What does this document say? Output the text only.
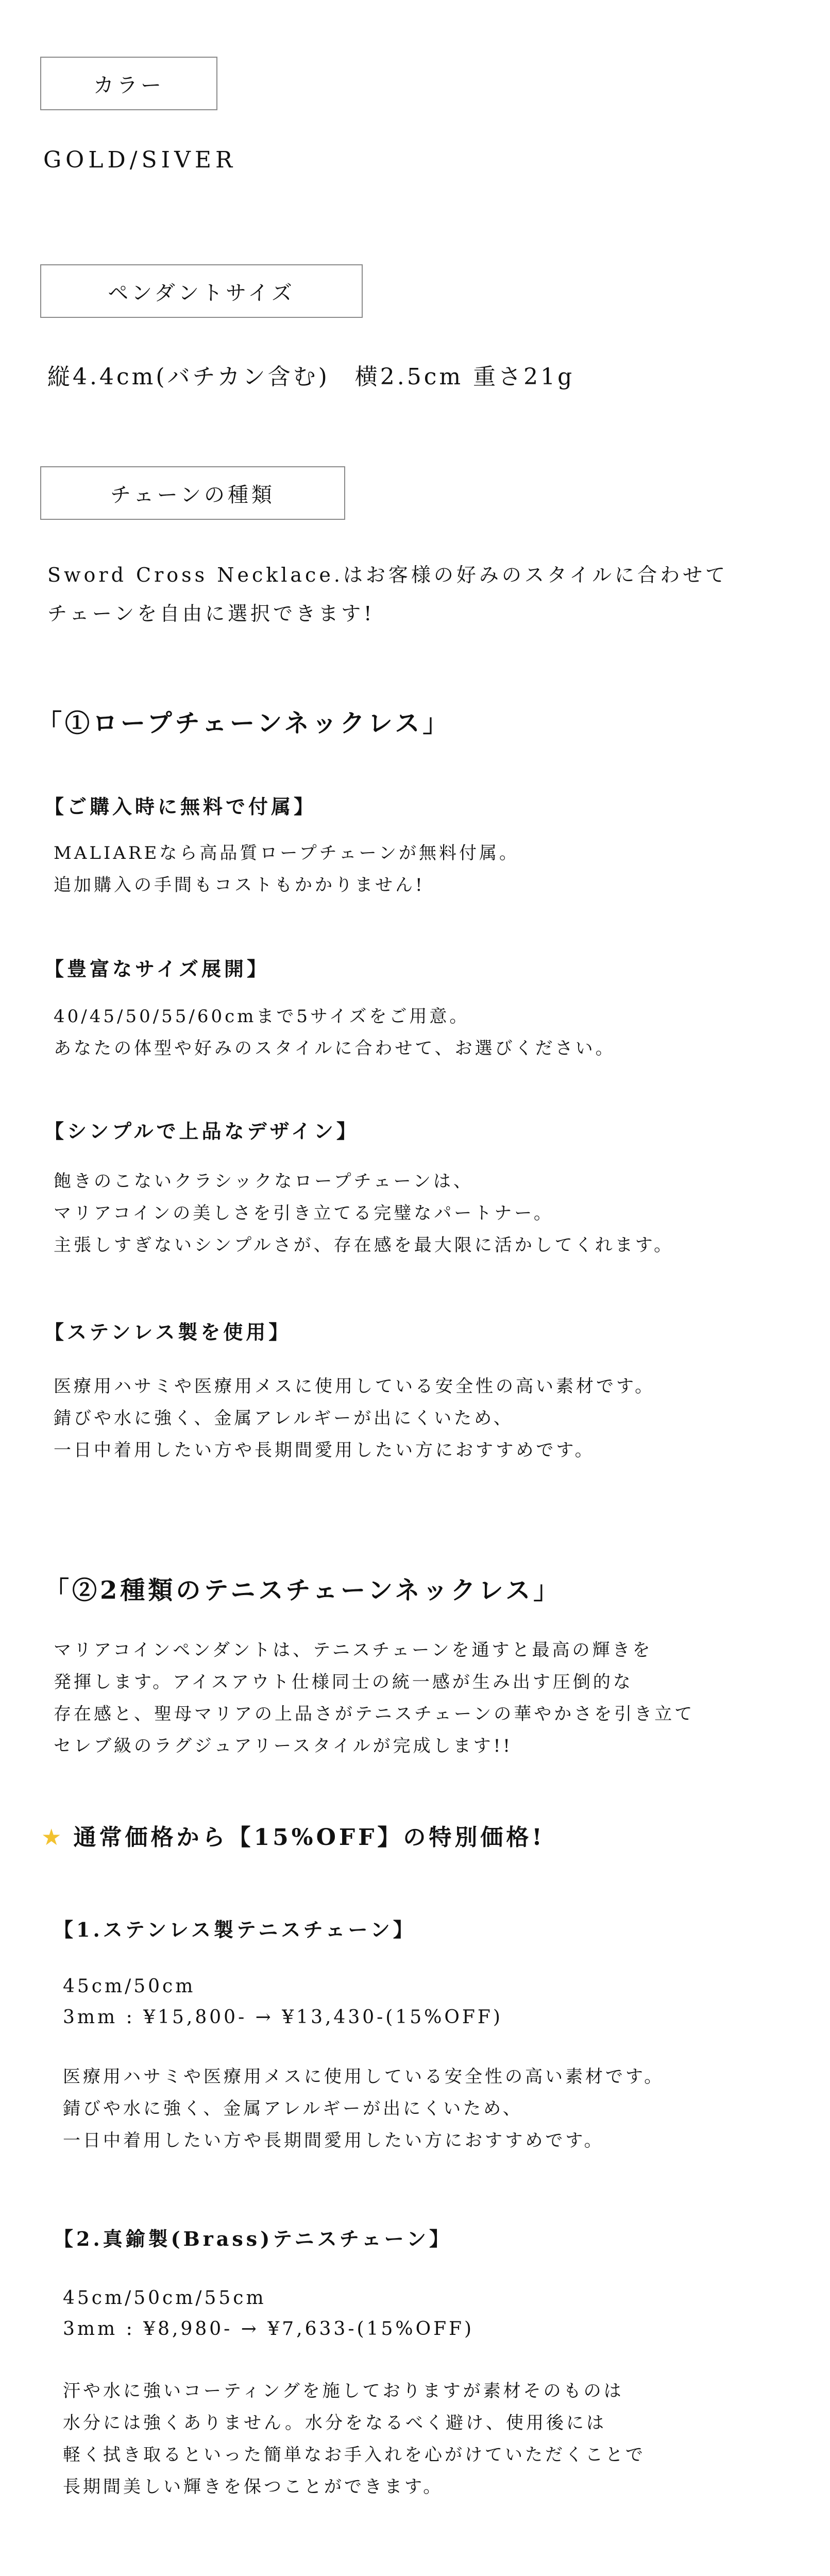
カラー
GOLD/SIVER
ペンダントサイズ
縦4.4cm(バチカン含む)　横2.5cm 重さ21g
チェーンの種類
Sword Cross Necklace.はお客様の好みのスタイルに合わせて
チェーンを自由に選択できます!
「①ロープチェーンネックレス」
【ご購入時に無料で付属】
MALIAREなら高品質ロープチェーンが無料付属。
追加購入の手間もコストもかかりません!
【豊富なサイズ展開】
40/45/50/55/60cmまで5サイズをご用意。
あなたの体型や好みのスタイルに合わせて、お選びください。
【シンプルで上品なデザイン】
飽きのこないクラシックなロープチェーンは、
マリアコインの美しさを引き立てる完璧なパートナー。
主張しすぎないシンプルさが、存在感を最大限に活かしてくれます。
【ステンレス製を使用】
医療用ハサミや医療用メスに使用している安全性の高い素材です。
錆びや水に強く、金属アレルギーが出にくいため、
一日中着用したい方や長期間愛用したい方におすすめです。
「②2種類のテニスチェーンネックレス」
マリアコインペンダントは、テニスチェーンを通すと最高の輝きを
発揮します。アイスアウト仕様同士の統一感が生み出す圧倒的な
存在感と、聖母マリアの上品さがテニスチェーンの華やかさを引き立て
セレブ級のラグジュアリースタイルが完成します!!
★ 通常価格から【15%OFF】の特別価格!
【1.ステンレス製テニスチェーン】
45cm/50cm
3mm : ¥15,800- → ¥13,430-(15%OFF)
医療用ハサミや医療用メスに使用している安全性の高い素材です。
錆びや水に強く、金属アレルギーが出にくいため、
一日中着用したい方や長期間愛用したい方におすすめです。
【2.真鍮製(Brass)テニスチェーン】
45cm/50cm/55cm
3mm : ¥8,980- → ¥7,633-(15%OFF)
汗や水に強いコーティングを施しておりますが素材そのものは
水分には強くありません。水分をなるべく避け、使用後には
軽く拭き取るといった簡単なお手入れを心がけていただくことで
長期間美しい輝きを保つことができます。
